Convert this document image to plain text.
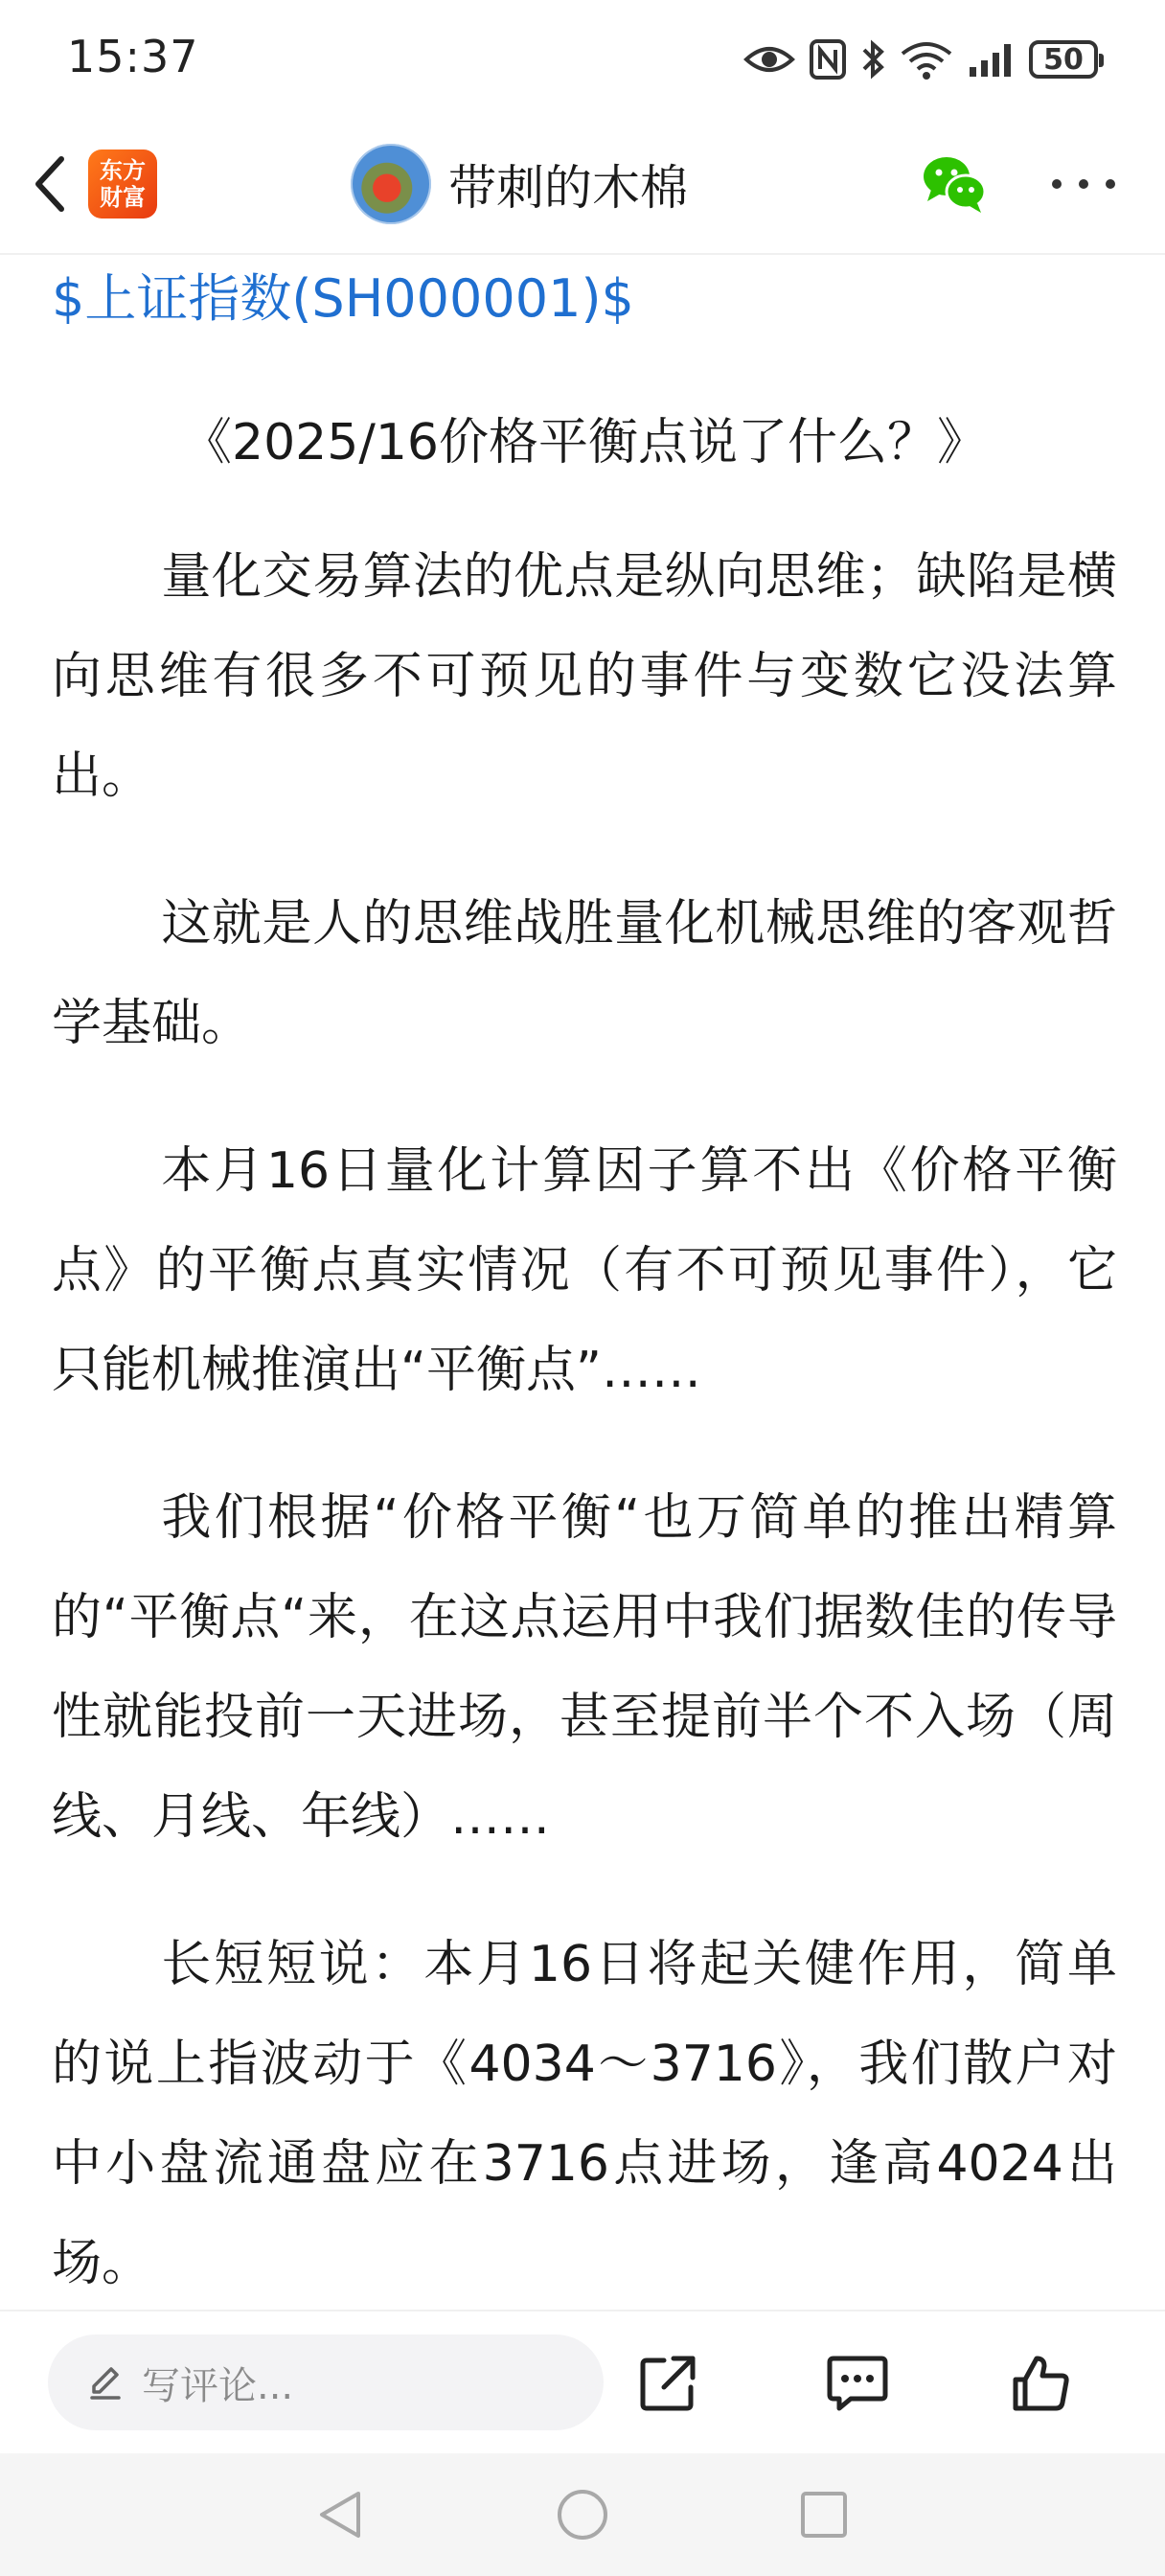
15:37	50
东方
财富	带刺的木棉

$上证指数(SH000001)$

《2025/16价格平衡点说了什么？》

量化交易算法的优点是纵向思维；缺陷是横向思维有很多不可预见的事件与变数它没法算出。

这就是人的思维战胜量化机械思维的客观哲学基础。

本月16日量化计算因子算不出《价格平衡点》的平衡点真实情况（有不可预见事件），它只能机械推演出“平衡点”……

我们根据“价格平衡“也万简单的推出精算的“平衡点“来，在这点运用中我们据数佳的传导性就能投前一天进场，甚至提前半个不入场（周线、月线、年线）……

长短短说：本月16日将起关健作用，简单的说上指波动于《4034～3716》，我们散户对中小盘流通盘应在3716点进场，逢高4024出场。

写评论...
